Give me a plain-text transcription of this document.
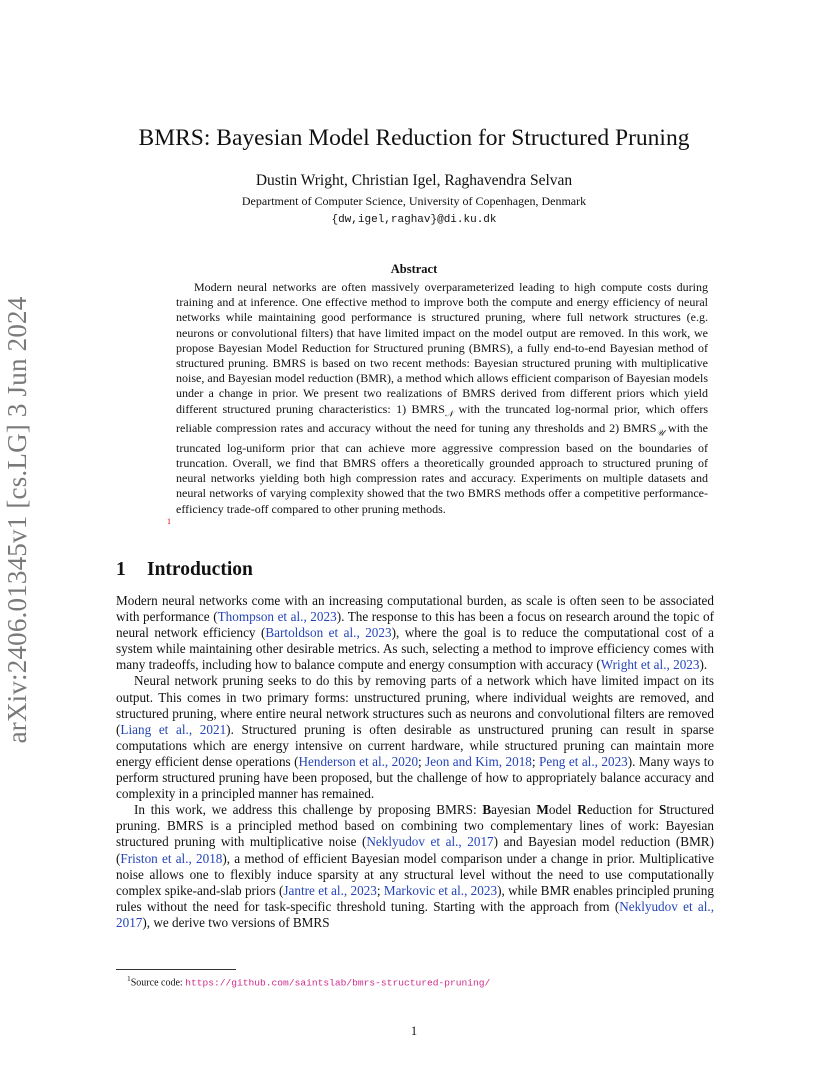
arXiv:2406.01345v1 [cs.LG] 3 Jun 2024
BMRS: Bayesian Model Reduction for Structured Pruning
Dustin Wright, Christian Igel, Raghavendra Selvan
Department of Computer Science, University of Copenhagen, Denmark
{dw,igel,raghav}@di.ku.dk
Abstract

Modern neural networks are often massively overparameterized leading to high compute costs during training and at inference. One effective method to improve both the compute and energy efficiency of neural networks while maintaining good performance is structured pruning, where full network structures (e.g. neurons or convolutional filters) that have limited impact on the model output are removed. In this work, we propose Bayesian Model Reduction for Structured pruning (BMRS), a fully end-to-end Bayesian method of structured pruning. BMRS is based on two recent methods: Bayesian structured pruning with multiplicative noise, and Bayesian model reduction (BMR), a method which allows efficient comparison of Bayesian models under a change in prior. We present two realizations of BMRS derived from different priors which yield different structured pruning characteristics: 1) $BMRS_𝒩$ with the truncated log-normal prior, which offers reliable compression rates and accuracy without the need for tuning any thresholds and 2) $BMRS_𝒰$ with the truncated log-uniform prior that can achieve more aggressive compression based on the boundaries of truncation. Overall, we find that BMRS offers a theoretically grounded approach to structured pruning of neural networks yielding both high compression rates and accuracy. Experiments on multiple datasets and neural networks of varying complexity showed that the two BMRS methods offer a competitive performance-efficiency trade-off compared to other pruning methods.

1
1 Introduction

Modern neural networks come with an increasing computational burden, as scale is often seen to be associated with performance (Thompson et al., 2023). The response to this has been a focus on research around the topic of neural network efficiency (Bartoldson et al., 2023), where the goal is to reduce the computational cost of a system while maintaining other desirable metrics. As such, selecting a method to improve efficiency comes with many tradeoffs, including how to balance compute and energy consumption with accuracy (Wright et al., 2023).

Neural network pruning seeks to do this by removing parts of a network which have limited impact on its output. This comes in two primary forms: unstructured pruning, where individual weights are removed, and structured pruning, where entire neural network structures such as neurons and convolutional filters are removed (Liang et al., 2021). Structured pruning is often desirable as unstructured pruning can result in sparse computations which are energy intensive on current hardware, while structured pruning can maintain more energy efficient dense operations (Henderson et al., 2020; Jeon and Kim, 2018; Peng et al., 2023). Many ways to perform structured pruning have been proposed, but the challenge of how to appropriately balance accuracy and complexity in a principled manner has remained.

In this work, we address this challenge by proposing BMRS: Bayesian Model Reduction for Structured pruning. BMRS is a principled method based on combining two complementary lines of work: Bayesian structured pruning with multiplicative noise (Neklyudov et al., 2017) and Bayesian model reduction (BMR) (Friston et al., 2018), a method of efficient Bayesian model comparison under a change in prior. Multiplicative noise allows one to flexibly induce sparsity at any structural level without the need to use computationally complex spike-and-slab priors (Jantre et al., 2023; Markovic et al., 2023), while BMR enables principled pruning rules without the need for task-specific threshold tuning. Starting with the approach from (Neklyudov et al., 2017), we derive two versions of BMRS

$^1$Source code: https://github.com/saintslab/bmrs-structured-pruning/
1
